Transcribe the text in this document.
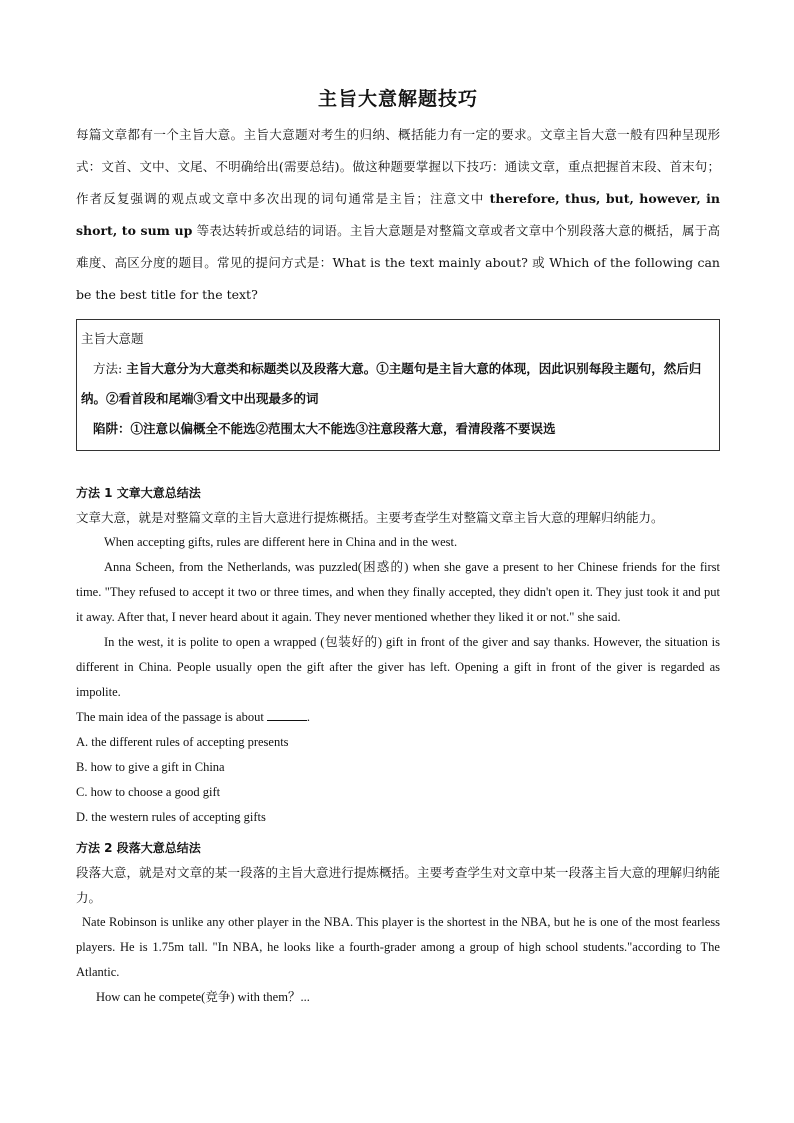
主旨大意解题技巧

每篇文章都有一个主旨大意。主旨大意题对考生的归纳、概括能力有一定的要求。文章主旨大意一般有四种呈现形式：文首、文中、文尾、不明确给出(需要总结)。做这种题要掌握以下技巧：通读文章，重点把握首末段、首末句；作者反复强调的观点或文章中多次出现的词句通常是主旨；注意文中 therefore, thus, but, however, in short, to sum up 等表达转折或总结的词语。主旨大意题是对整篇文章或者文章中个别段落大意的概括，属于高难度、高区分度的题目。常见的提问方式是：What is the text mainly about? 或 Which of the following can be the best title for the text?

主旨大意题

方法: 主旨大意分为大意类和标题类以及段落大意。①主题句是主旨大意的体现，因此识别每段主题句，然后归纳。②看首段和尾端③看文中出现最多的词

陷阱：①注意以偏概全不能选②范围太大不能选③注意段落大意，看清段落不要误选

方法 1 文章大意总结法

文章大意，就是对整篇文章的主旨大意进行提炼概括。主要考查学生对整篇文章主旨大意的理解归纳能力。

When accepting gifts, rules are different here in China and in the west.

Anna Scheen, from the Netherlands, was puzzled(困惑的) when she gave a present to her Chinese friends for the first time. "They refused to accept it two or three times, and when they finally accepted, they didn't open it. They just took it and put it away. After that, I never heard about it again. They never mentioned whether they liked it or not." she said.

In the west, it is polite to open a wrapped (包装好的) gift in front of the giver and say thanks. However, the situation is different in China. People usually open the gift after the giver has left. Opening a gift in front of the giver is regarded as impolite.

The main idea of the passage is about	.

A. the different rules of accepting presents

B. how to give a gift in China

C. how to choose a good gift

D. the western rules of accepting gifts

方法 2 段落大意总结法

段落大意，就是对文章的某一段落的主旨大意进行提炼概括。主要考查学生对文章中某一段落主旨大意的理解归纳能力。

Nate Robinson is unlike any other player in the NBA. This player is the shortest in the NBA, but he is one of the most fearless players. He is 1.75m tall. "In NBA, he looks like a fourth-grader among a group of high school students."according to The Atlantic.

How can he compete(竞争) with them？...
